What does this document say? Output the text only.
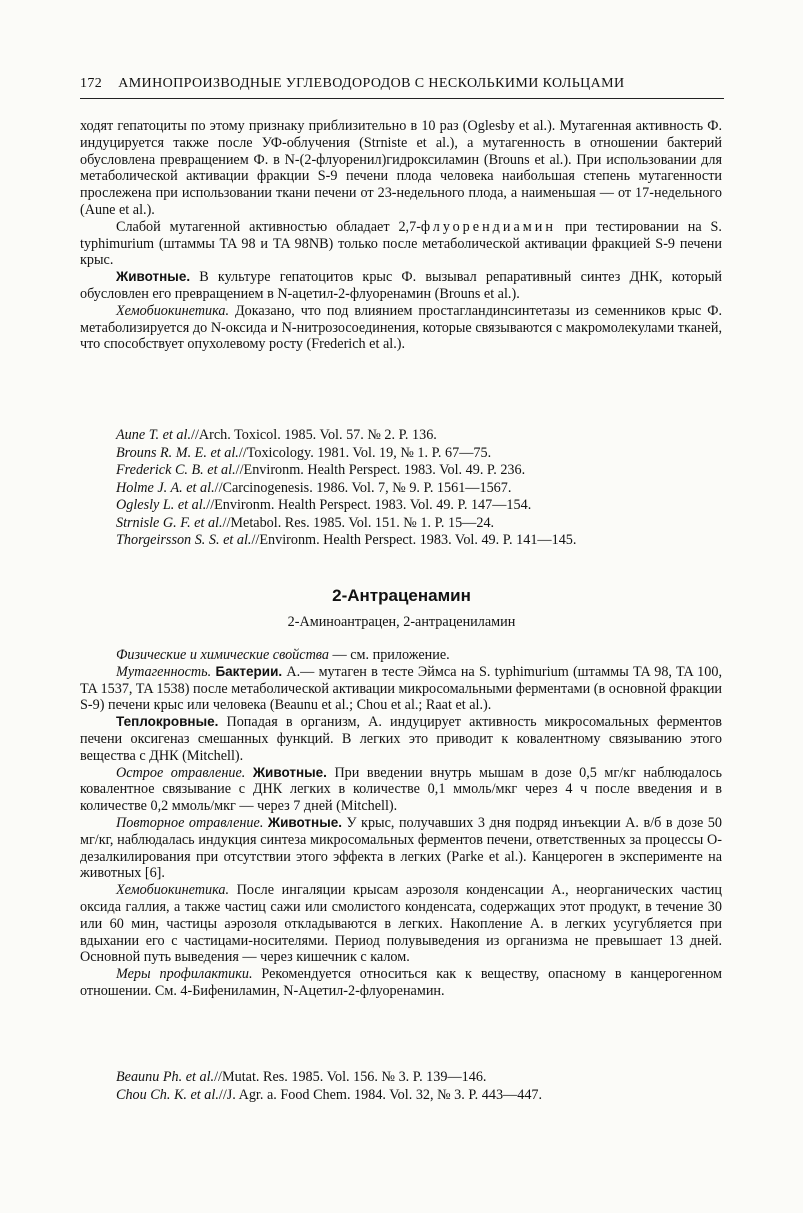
172 АМИНОПРОИЗВОДНЫЕ УГЛЕВОДОРОДОВ С НЕСКОЛЬКИМИ КОЛЬЦАМИ

ходят гепатоциты по этому признаку приблизительно в 10 раз (Oglesby et al.). Мутагенная активность Ф. индуцируется также после УФ-облучения (Strniste et al.), а мутагенность в отношении бактерий обусловлена превращением Ф. в N-(2-флуоренил)гидроксиламин (Brouns et al.). При использовании для метаболической активации фракции S-9 печени плода человека наибольшая степень мутагенности прослежена при использовании ткани печени от 23-недельного плода, а наименьшая — от 17-недельного (Aune et al.).

Слабой мутагенной активностью обладает 2,7-флуорендиамин при тестировании на S. typhimurium (штаммы TA 98 и TA 98NB) только после метаболической активации фракцией S-9 печени крыс.

Животные. В культуре гепатоцитов крыс Ф. вызывал репаративный синтез ДНК, который обусловлен его превращением в N-ацетил-2-флуоренамин (Brouns et al.).

Хемобиокинетика. Доказано, что под влиянием простагландинсинтетазы из семенников крыс Ф. метаболизируется до N-оксида и N-нитрозосоединения, которые связываются с макромолекулами тканей, что способствует опухолевому росту (Frederich et al.).

Aune T. et al.//Arch. Toxicol. 1985. Vol. 57. № 2. P. 136.
Brouns R. M. E. et al.//Toxicology. 1981. Vol. 19, № 1. P. 67—75.
Frederick C. B. et al.//Environm. Health Perspect. 1983. Vol. 49. P. 236.
Holme J. A. et al.//Carcinogenesis. 1986. Vol. 7, № 9. P. 1561—1567.
Oglesly L. et al.//Environm. Health Perspect. 1983. Vol. 49. P. 147—154.
Strnisle G. F. et al.//Metabol. Res. 1985. Vol. 151. № 1. P. 15—24.
Thorgeirsson S. S. et al.//Environm. Health Perspect. 1983. Vol. 49. P. 141—145.
2-Антраценамин
2-Аминоантрацен, 2-антрацениламин

Физические и химические свойства — см. приложение.

Мутагенность. Бактерии. А.— мутаген в тесте Эймса на S. typhimurium (штаммы TA 98, TA 100, TA 1537, TA 1538) после метаболической активации микросомальными ферментами (в основной фракции S-9) печени крыс или человека (Beaunu et al.; Chou et al.; Raat et al.).

Теплокровные. Попадая в организм, А. индуцирует активность микросомальных ферментов печени оксигеназ смешанных функций. В легких это приводит к ковалентному связыванию этого вещества с ДНК (Mitchell).

Острое отравление. Животные. При введении внутрь мышам в дозе 0,5 мг/кг наблюдалось ковалентное связывание с ДНК легких в количестве 0,1 ммоль/мкг через 4 ч после введения и в количестве 0,2 ммоль/мкг — через 7 дней (Mitchell).

Повторное отравление. Животные. У крыс, получавших 3 дня подряд инъекции А. в/б в дозе 50 мг/кг, наблюдалась индукция синтеза микросомальных ферментов печени, ответственных за процессы О-дезалкилирования при отсутствии этого эффекта в легких (Parke et al.). Канцероген в эксперименте на животных [6].

Хемобиокинетика. После ингаляции крысам аэрозоля конденсации А., неорганических частиц оксида галлия, а также частиц сажи или смолистого конденсата, содержащих этот продукт, в течение 30 или 60 мин, частицы аэрозоля откладываются в легких. Накопление А. в легких усугубляется при вдыхании его с частицами-носителями. Период полувыведения из организма не превышает 13 дней. Основной путь выведения — через кишечник с калом.

Меры профилактики. Рекомендуется относиться как к веществу, опасному в канцерогенном отношении. См. 4-Бифениламин, N-Ацетил-2-флуоренамин.

Beaunu Ph. et al.//Mutat. Res. 1985. Vol. 156. № 3. P. 139—146.
Chou Ch. K. et al.//J. Agr. a. Food Chem. 1984. Vol. 32, № 3. P. 443—447.
